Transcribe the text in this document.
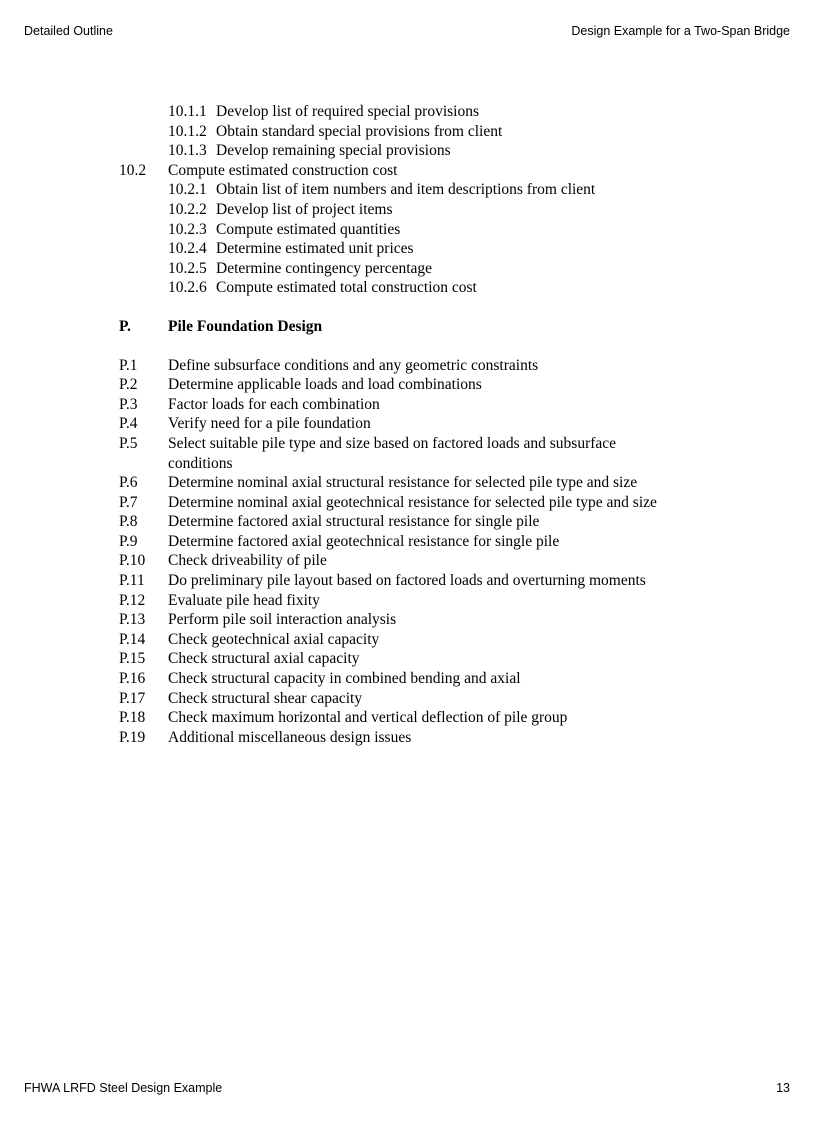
Detailed Outline	Design Example for a Two-Span Bridge
10.1.1 Develop list of required special provisions
10.1.2 Obtain standard special provisions from client
10.1.3 Develop remaining special provisions
10.2	Compute estimated construction cost
10.2.1 Obtain list of item numbers and item descriptions from client
10.2.2 Develop list of project items
10.2.3 Compute estimated quantities
10.2.4 Determine estimated unit prices
10.2.5 Determine contingency percentage
10.2.6 Compute estimated total construction cost
P.	Pile Foundation Design
P.1	Define subsurface conditions and any geometric constraints
P.2	Determine applicable loads and load combinations
P.3	Factor loads for each combination
P.4	Verify need for a pile foundation
P.5	Select suitable pile type and size based on factored loads and subsurface conditions
P.6	Determine nominal axial structural resistance for selected pile type and size
P.7	Determine nominal axial geotechnical resistance for selected pile type and size
P.8	Determine factored axial structural resistance for single pile
P.9	Determine factored axial geotechnical resistance for single pile
P.10	Check driveability of pile
P.11	Do preliminary pile layout based on factored loads and overturning moments
P.12	Evaluate pile head fixity
P.13	Perform pile soil interaction analysis
P.14	Check geotechnical axial capacity
P.15	Check structural axial capacity
P.16	Check structural capacity in combined bending and axial
P.17	Check structural shear capacity
P.18	Check maximum horizontal and vertical deflection of pile group
P.19	Additional miscellaneous design issues
FHWA LRFD Steel Design Example	13
